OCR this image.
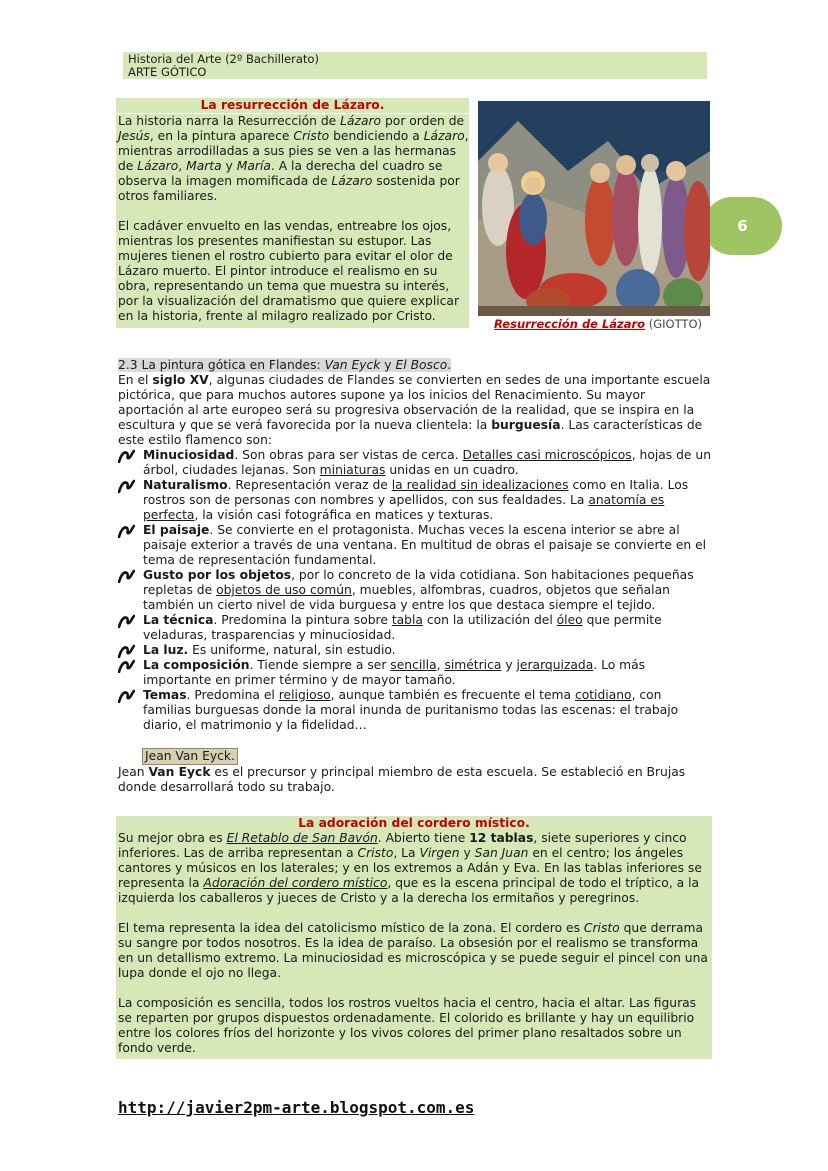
Historia del Arte (2º Bachillerato)
ARTE GÓTICO
6
La resurrección de Lázaro.

La historia narra la Resurrección de Lázaro por orden de Jesús, en la pintura aparece Cristo bendiciendo a Lázaro, mientras arrodilladas a sus pies se ven a las hermanas de Lázaro, Marta y María. A la derecha del cuadro se observa la imagen momificada de Lázaro sostenida por otros familiares.

El cadáver envuelto en las vendas, entreabre los ojos, mientras los presentes manifiestan su estupor. Las mujeres tienen el rostro cubierto para evitar el olor de Lázaro muerto. El pintor introduce el realismo en su obra, representando un tema que muestra su interés, por la visualización del dramatismo que quiere explicar en la historia, frente al milagro realizado por Cristo.

Resurrección de Lázaro (GIOTTO)

2.3 La pintura gótica en Flandes: Van Eyck y El Bosco.

En el siglo XV, algunas ciudades de Flandes se convierten en sedes de una importante escuela pictórica, que para muchos autores supone ya los inicios del Renacimiento. Su mayor aportación al arte europeo será su progresiva observación de la realidad, que se inspira en la escultura y que se verá favorecida por la nueva clientela: la burguesía. Las características de este estilo flamenco son:

Minuciosidad. Son obras para ser vistas de cerca. Detalles casi microscópicos, hojas de un árbol, ciudades lejanas. Son miniaturas unidas en un cuadro.
Naturalismo. Representación veraz de la realidad sin idealizaciones como en Italia. Los rostros son de personas con nombres y apellidos, con sus fealdades. La anatomía es perfecta, la visión casi fotográfica en matices y texturas.
El paisaje. Se convierte en el protagonista. Muchas veces la escena interior se abre al paisaje exterior a través de una ventana. En multitud de obras el paisaje se convierte en el tema de representación fundamental.
Gusto por los objetos, por lo concreto de la vida cotidiana. Son habitaciones pequeñas repletas de objetos de uso común, muebles, alfombras, cuadros, objetos que señalan también un cierto nivel de vida burguesa y entre los que destaca siempre el tejido.
La técnica. Predomina la pintura sobre tabla con la utilización del óleo que permite veladuras, trasparencias y minuciosidad.
La luz. Es uniforme, natural, sin estudio.
La composición. Tiende siempre a ser sencilla, simétrica y jerarquizada. Lo más importante en primer término y de mayor tamaño.
Temas. Predomina el religioso, aunque también es frecuente el tema cotidiano, con familias burguesas donde la moral inunda de puritanismo todas las escenas: el trabajo diario, el matrimonio y la fidelidad…
Jean Van Eyck.

Jean Van Eyck es el precursor y principal miembro de esta escuela. Se estableció en Brujas donde desarrollará todo su trabajo.

La adoración del cordero místico.

Su mejor obra es El Retablo de San Bavón. Abierto tiene 12 tablas, siete superiores y cinco inferiores. Las de arriba representan a Cristo, La Virgen y San Juan en el centro; los ángeles cantores y músicos en los laterales; y en los extremos a Adán y Eva. En las tablas inferiores se representa la Adoración del cordero místico, que es la escena principal de todo el tríptico, a la izquierda los caballeros y jueces de Cristo y a la derecha los ermitaños y peregrinos.

El tema representa la idea del catolicismo místico de la zona. El cordero es Cristo que derrama su sangre por todos nosotros. Es la idea de paraíso. La obsesión por el realismo se transforma en un detallismo extremo. La minuciosidad es microscópica y se puede seguir el pincel con una lupa donde el ojo no llega.

La composición es sencilla, todos los rostros vueltos hacia el centro, hacia el altar. Las figuras se reparten por grupos dispuestos ordenadamente. El colorido es brillante y hay un equilibrio entre los colores fríos del horizonte y los vivos colores del primer plano resaltados sobre un fondo verde.

http://javier2pm-arte.blogspot.com.es
